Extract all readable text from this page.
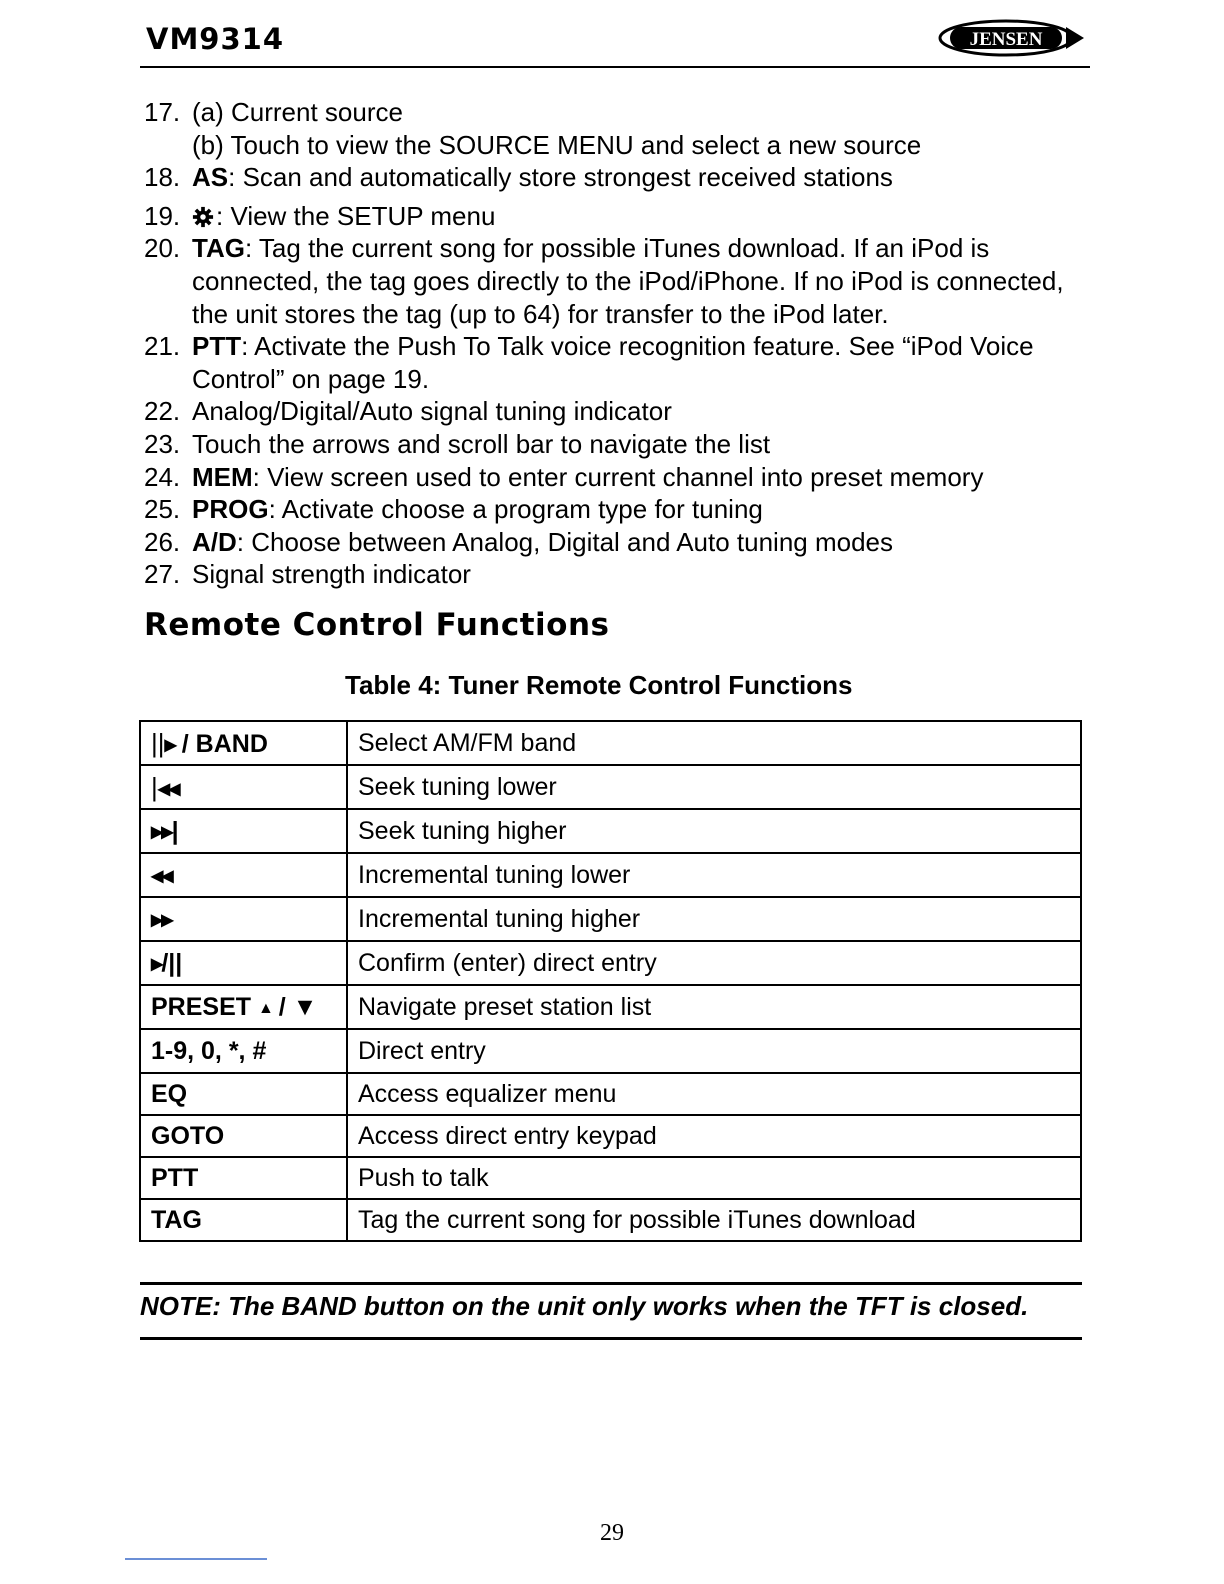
VM9314	JENSEN
17. (a) Current source
(b) Touch to view the SOURCE MENU and select a new source
18. AS: Scan and automatically store strongest received stations
19.	: View the SETUP menu
20. TAG: Tag the current song for possible iTunes download. If an iPod is connected, the tag goes directly to the iPod/iPhone. If no iPod is connected, the unit stores the tag (up to 64) for transfer to the iPod later.
21. PTT: Activate the Push To Talk voice recognition feature. See “iPod Voice Control” on page 19.
22. Analog/Digital/Auto signal tuning indicator
23. Touch the arrows and scroll bar to navigate the list
24. MEM: View screen used to enter current channel into preset memory
25. PROG: Activate choose a program type for tuning
26. A/D: Choose between Analog, Digital and Auto tuning modes
27. Signal strength indicator
Remote Control Functions
Table 4: Tuner Remote Control Functions
||▶ / BAND	Select AM/FM band
|◀◀	Seek tuning lower
▶▶|	Seek tuning higher
◀◀	Incremental tuning lower
▶▶	Incremental tuning higher
▶/||	Confirm (enter) direct entry
PRESET ▲ / ▼	Navigate preset station list
1-9, 0, *, #	Direct entry
EQ	Access equalizer menu
GOTO	Access direct entry keypad
PTT	Push to talk
TAG	Tag the current song for possible iTunes download
NOTE: The BAND button on the unit only works when the TFT is closed.
29
